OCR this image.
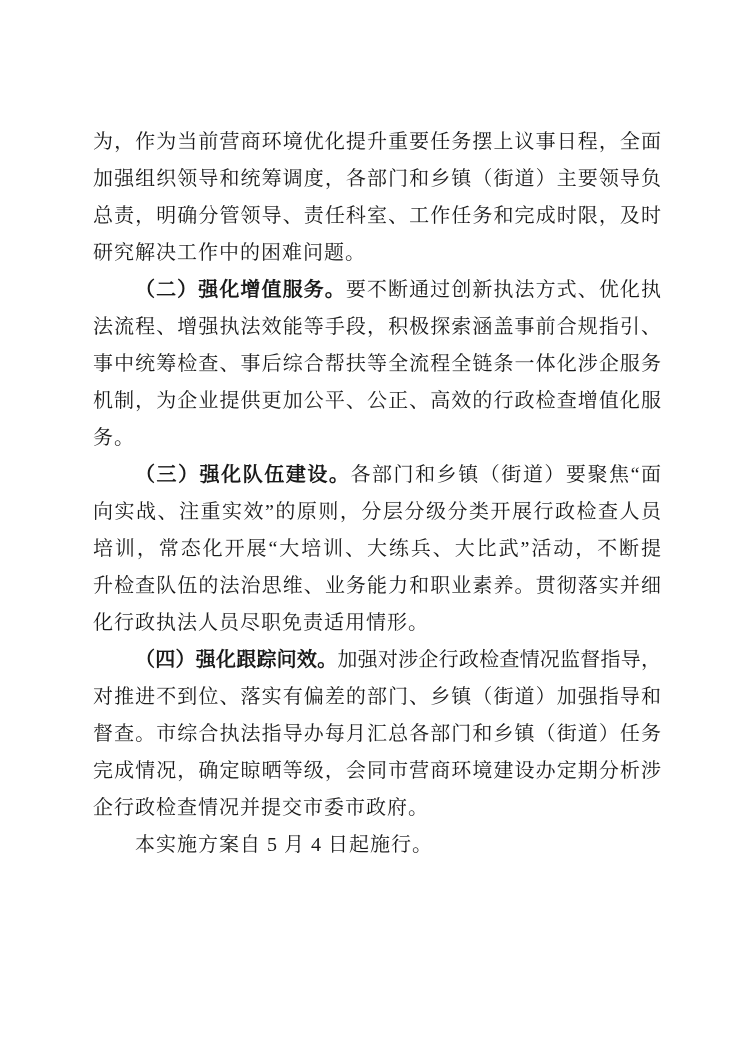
为，作为当前营商环境优化提升重要任务摆上议事日程，全面
加强组织领导和统筹调度，各部门和乡镇（街道）主要领导负
总责，明确分管领导、责任科室、工作任务和完成时限，及时
研究解决工作中的困难问题。
（二）强化增值服务。要不断通过创新执法方式、优化执
法流程、增强执法效能等手段，积极探索涵盖事前合规指引、
事中统筹检查、事后综合帮扶等全流程全链条一体化涉企服务
机制，为企业提供更加公平、公正、高效的行政检查增值化服
务。
（三）强化队伍建设。各部门和乡镇（街道）要聚焦“面
向实战、注重实效”的原则，分层分级分类开展行政检查人员
培训，常态化开展“大培训、大练兵、大比武”活动，不断提
升检查队伍的法治思维、业务能力和职业素养。贯彻落实并细
化行政执法人员尽职免责适用情形。
（四）强化跟踪问效。加强对涉企行政检查情况监督指导，
对推进不到位、落实有偏差的部门、乡镇（街道）加强指导和
督查。市综合执法指导办每月汇总各部门和乡镇（街道）任务
完成情况，确定晾晒等级，会同市营商环境建设办定期分析涉
企行政检查情况并提交市委市政府。
本实施方案自 5 月 4 日起施行。
